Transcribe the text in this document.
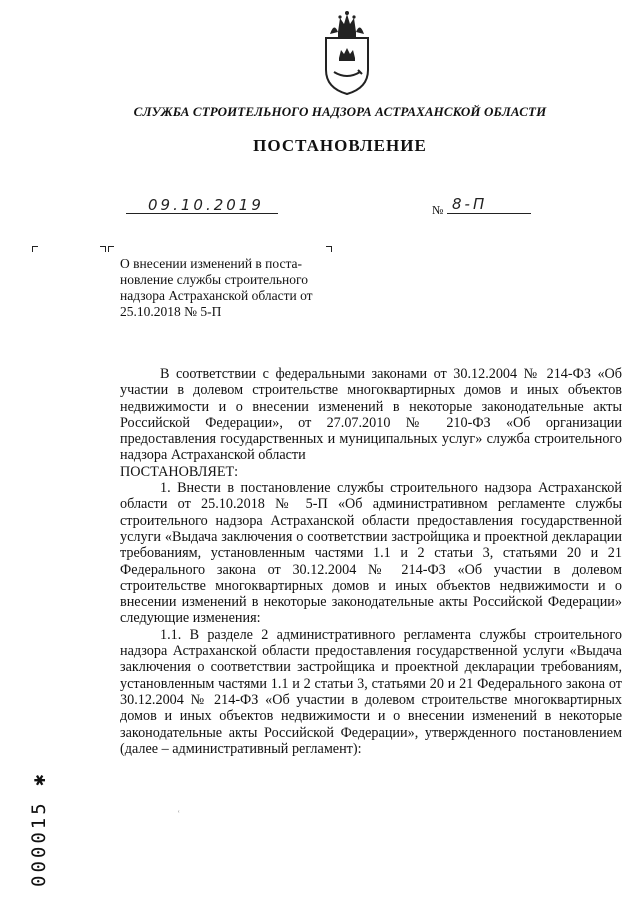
СЛУЖБА СТРОИТЕЛЬНОГО НАДЗОРА АСТРАХАНСКОЙ ОБЛАСТИ
ПОСТАНОВЛЕНИЕ
09.10.2019	№ 8-П
О внесении изменений в поста-новление службы строительного надзора Астраханской области от 25.10.2018 № 5-П

В соответствии с федеральными законами от 30.12.2004 № 214-ФЗ «Об участии в долевом строительстве многоквартирных домов и иных объектов недвижимости и о внесении изменений в некоторые законодательные акты Российской Федерации», от 27.07.2010 № 210-ФЗ «Об организации предоставления государственных и муниципальных услуг» служба строительного надзора Астраханской области

ПОСТАНОВЛЯЕТ:

1. Внести в постановление службы строительного надзора Астраханской области от 25.10.2018 № 5-П «Об административном регламенте службы строительного надзора Астраханской области предоставления государственной услуги «Выдача заключения о соответствии застройщика и проектной декларации требованиям, установленным частями 1.1 и 2 статьи 3, статьями 20 и 21 Федерального закона от 30.12.2004 № 214-ФЗ «Об участии в долевом строительстве многоквартирных домов и иных объектов недвижимости и о внесении изменений в некоторые законодательные акты Российской Федерации» следующие изменения:

1.1. В разделе 2 административного регламента службы строительного надзора Астраханской области предоставления государственной услуги «Выдача заключения о соответствии застройщика и проектной декларации требованиям, установленным частями 1.1 и 2 статьи 3, статьями 20 и 21 Федерального закона от 30.12.2004 № 214-ФЗ «Об участии в долевом строительстве многоквартирных домов и иных объектов недвижимости и о внесении изменений в некоторые законодательные акты Российской Федерации», утвержденного постановлением (далее – административный регламент):

000015 ✱
ʿ
